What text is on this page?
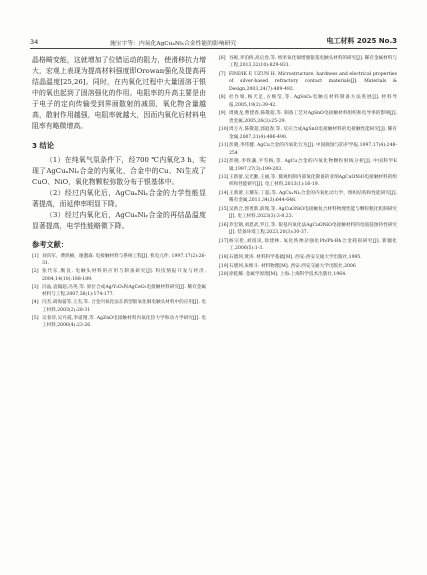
34	施宝宇等：内氧化AgCuₓNiᵧ合金性能的影响研究	电工材料 2025 No.3

晶格畸变能，这就增加了位错运动的阻力，使滑移抗力增大，宏观上表现为提高材料强度即Orowan强化及提高再结晶温度[25,26]。同时，在内氧化过程中大量固溶于银中的氧也起到了固溶强化的作用。电阻率的升高主要是由于电子的定向传输受到界面散射的减弱，氧化物含量越高，散射作用越强，电阻率就越大，因而内氧化后材料电阻率有略微增高。

3 结论

（1）在纯氧气氛条件下，经700 ℃内氧化3 h，实现了AgCuₓNiᵧ合金的内氧化，合金中的Cu、Ni生成了CuO、NiO，氧化物颗粒弥散分布于银基体中。

（2）经过内氧化后，AgCuₓNiᵧ合金的力学性能显著提高，而延伸率明显下降。

（3）经过内氧化后，AgCuₓNiᵧ合金的再结晶温度显著提高，电学性能略微下降。

参考文献：
[1] 刘向军，费鸿楠，谢邈森. 电接触材料与系统工程[J]. 机电元件, 1997,17(2):26-31.
[2] 张代东,衡良. 电触头材料的应用与制备研究[J]. 科技情报开发与经济, 2004,14(10):188-189.
[3] 冯晶,袁翰超,冯英,等. 原位合成Ag/Y₂O₃和AgCeO₂电接触材料研究[J]. 稀有金属材料与工程,2007,36(1):174-177.
[4] 闫杰,胡海晏等,王杰,等. 合金内氧化法在新型银氧化铜电触头材料中的应用[J]. 电工材料,2003(2):28-31
[5] 吴春萍,吴丹霞,李道翔,等. AgZnO电接触材料内氧化热力学和动力学研究[J]. 电工材料,2006(4):23-26.
[6] 谷妮,李伯桥,高后卷,等. 纳米氧化锡增强银基电触头材料的研究[J]. 稀有金属材料与工程,2013,32(10):829-831.
[7] FINDIK F, UZUN H. Microstructure, hardness and electrical properties of silver-based refractory contact materials[J]. Materials & Design,2003,24(7):489-492.
[8] 杜作娟,杨天足,古映莹,等. AgSnO₂电触点材料制备方法进展[J]. 材料导报,2005,19(2):39-42.
[9] 周晓龙,曹建春,陈敬超,等. 制备工艺对AgSnO电接触材料组织和电导率的影响[J]. 贵金属,2005,26(3):25-29.
[10] 周万方,陈敬超,郭庭春,等. 反应合成AgSnO电接触材料的电接触性能研究[J]. 稀有金属,2007,31(4):486-490.
[11] 彭晓,李伟健. AgCu合金的内氧化行为[J]. 中国腐蚀与防护学报,1997,17(4):248-254
[12] 彭晓,李铁藩,平雪梅,等. AgCu合金的内氧化物颗粒射线分析[J]. 中国科学E辑,1997,27(3):199-203.
[13] 王新蕾,吴光勤,王丽,等. 微观机制内部氧化制备的亚纳AgCuONiO电接触材料的组织和性能研究[J]. 电工材料,2013(1):16-19.
[14] 王新蕾,王耀东,丁磊,等. AgCuₓNiᵧ合金的内氧化动力学、组织结构和性能研究[J]. 稀有金属,2011,34(3):644-648.
[15] 吴新合,郭更新,薛瑞,等. AgCuONiO电接触复合材料物理性能与颗粒粗化机制研究[J]. 电工材料,2023(3):3-8,23.
[16] 乔宏钢,刘恩武,罗江,等. 银基内氧化法AgCuONiO电接触材料的电弧侵蚀特性研究[J]. 装备环境工程,2023,20(3):30-37.
[17] 杨宗伦,刘琅讯,徐建林. 氧化铁掺杂强化Pb/Pb-Rh合金耗损研究[J]. 新疆化工,2006(5):1-3.
[18] 石德珂,黄涛. 材料科学基础[M]. 西安:西安交通大学出版社,1995.
[19] 石德珂,朱维斗. 材料物理[M]. 西安:西安交通大学出版社,2006
[20] 徐乾耀. 金属学原理[M]. 上海:上海科学技术出版社,1964.
